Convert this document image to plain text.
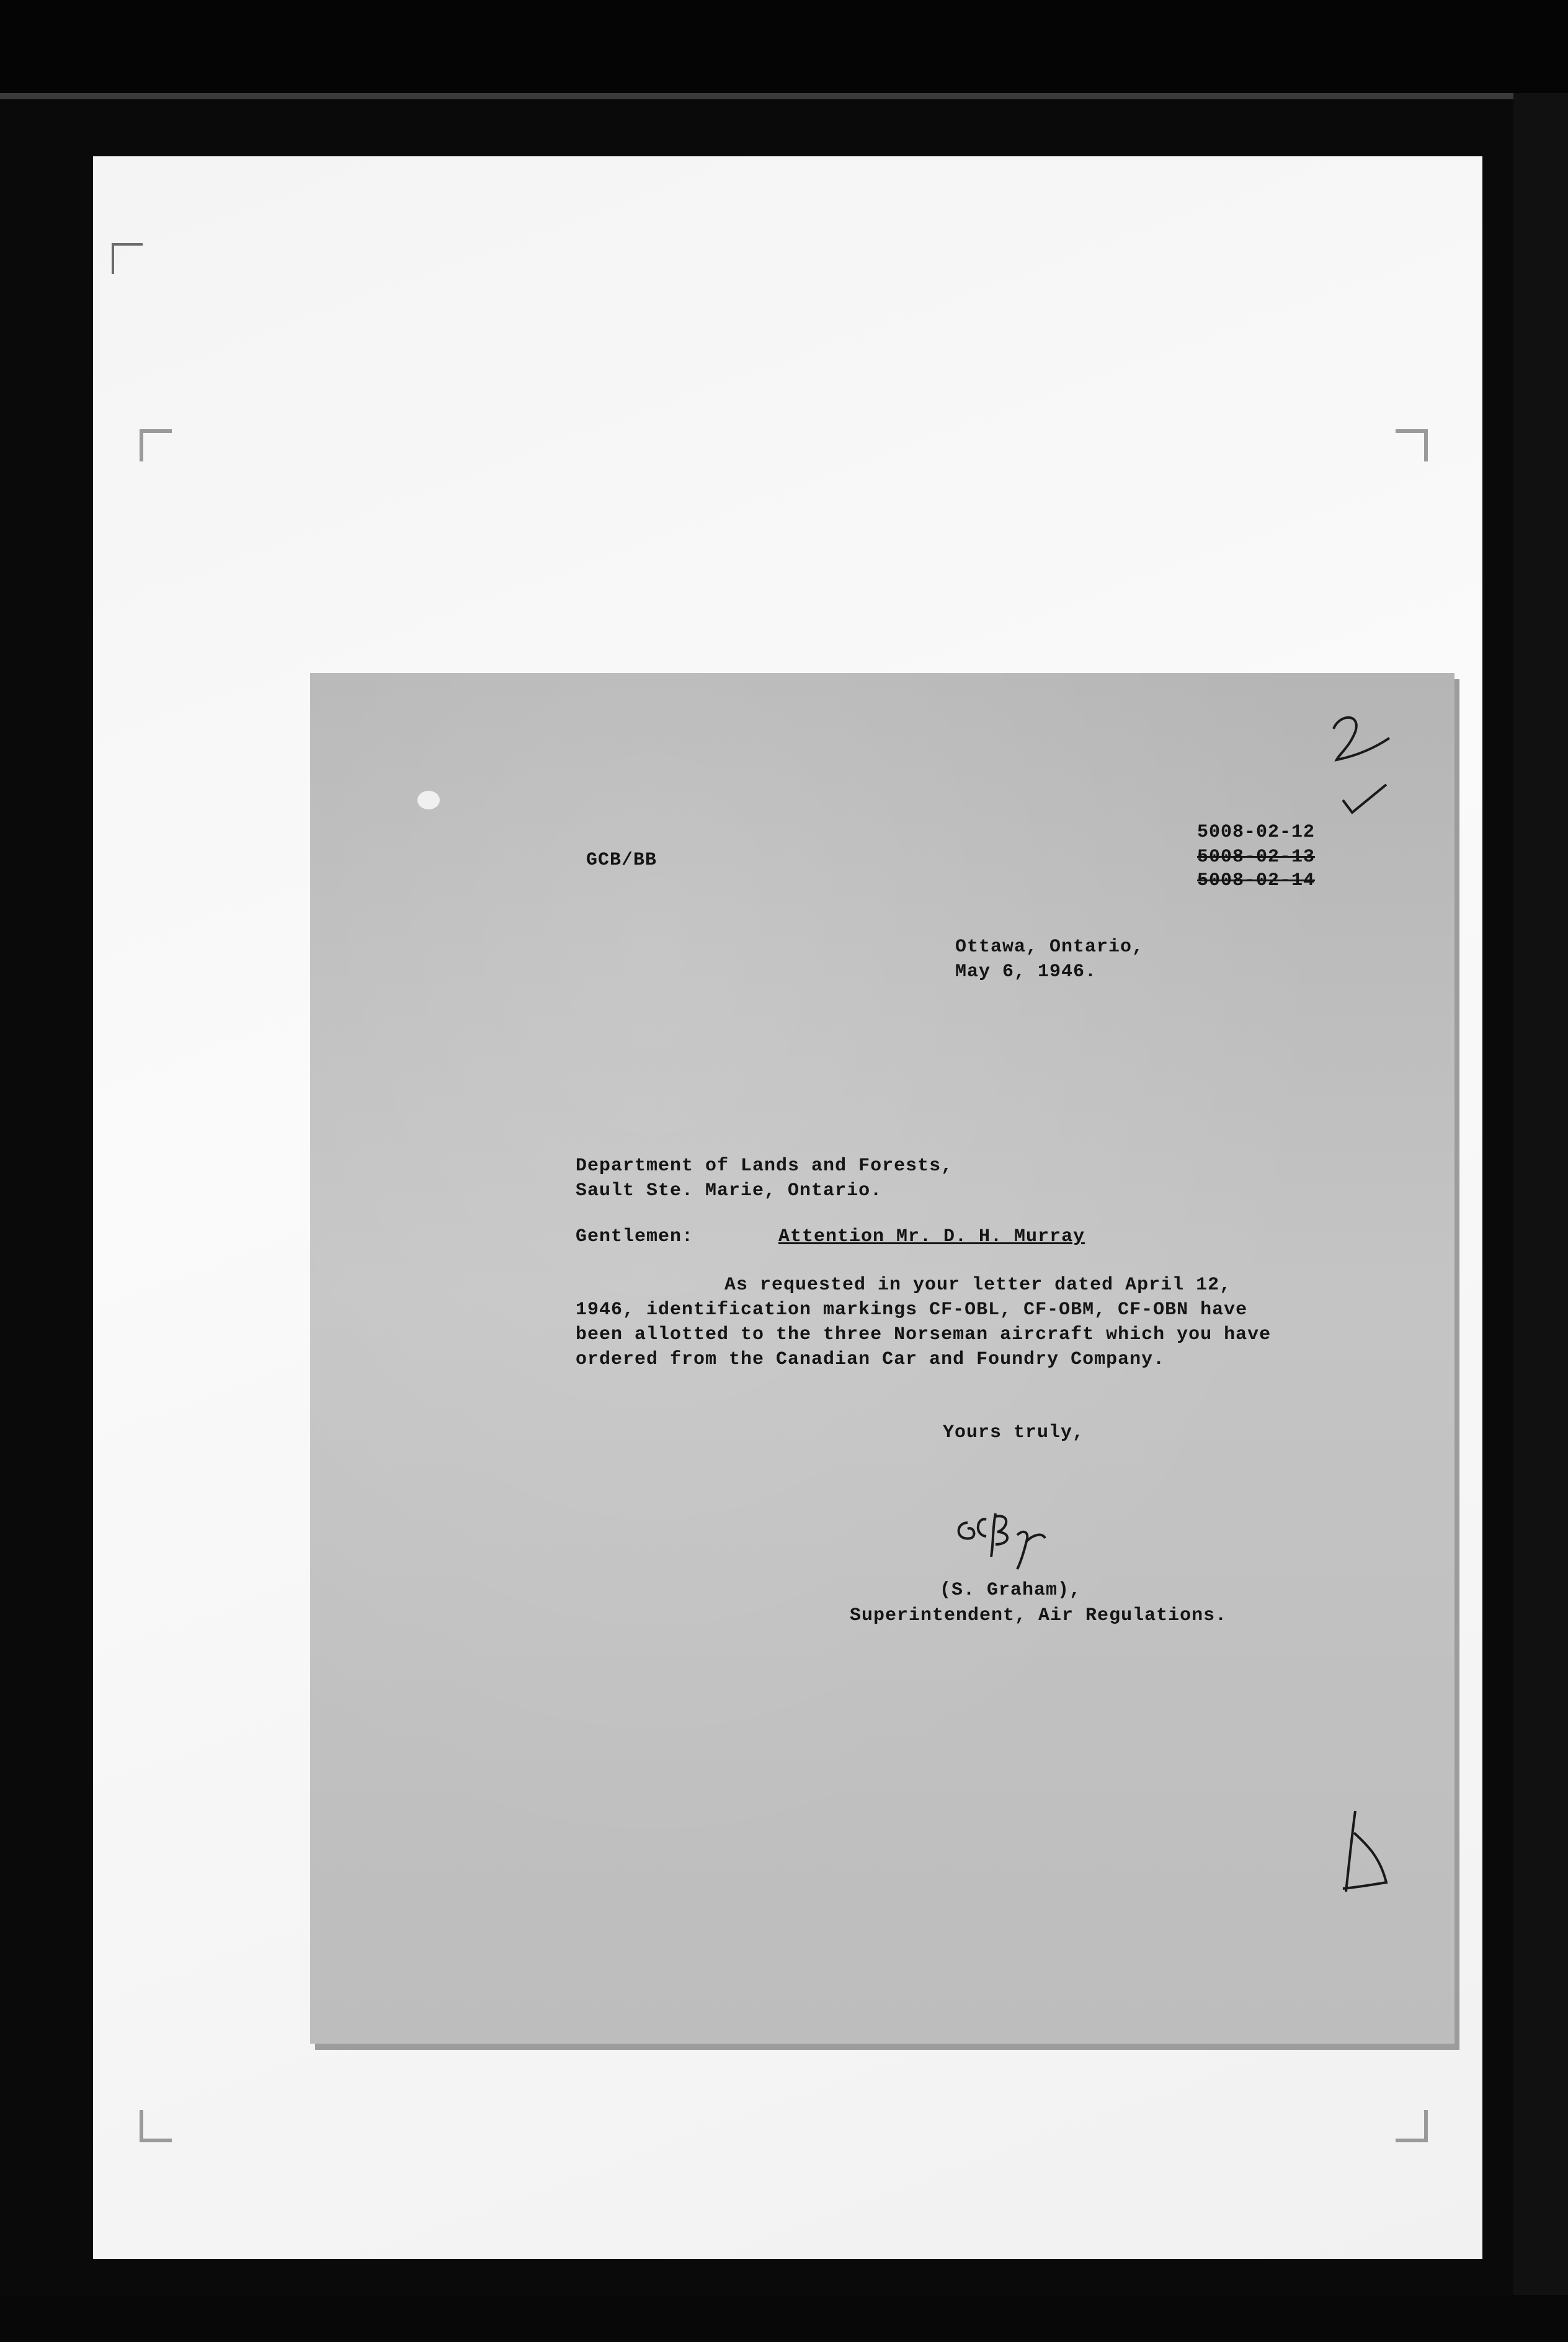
GCB/BB
5008-02-12
5008-02-13
5008-02-14
Ottawa, Ontario,
May 6, 1946.
Department of Lands and Forests,
Sault Ste. Marie, Ontario.
Gentlemen:	Attention Mr. D. H. Murray
As requested in your letter dated April 12,
1946, identification markings CF-OBL, CF-OBM, CF-OBN have
been allotted to the three Norseman aircraft which you have
ordered from the Canadian Car and Foundry Company.
Yours truly,
(S. Graham),
Superintendent, Air Regulations.
